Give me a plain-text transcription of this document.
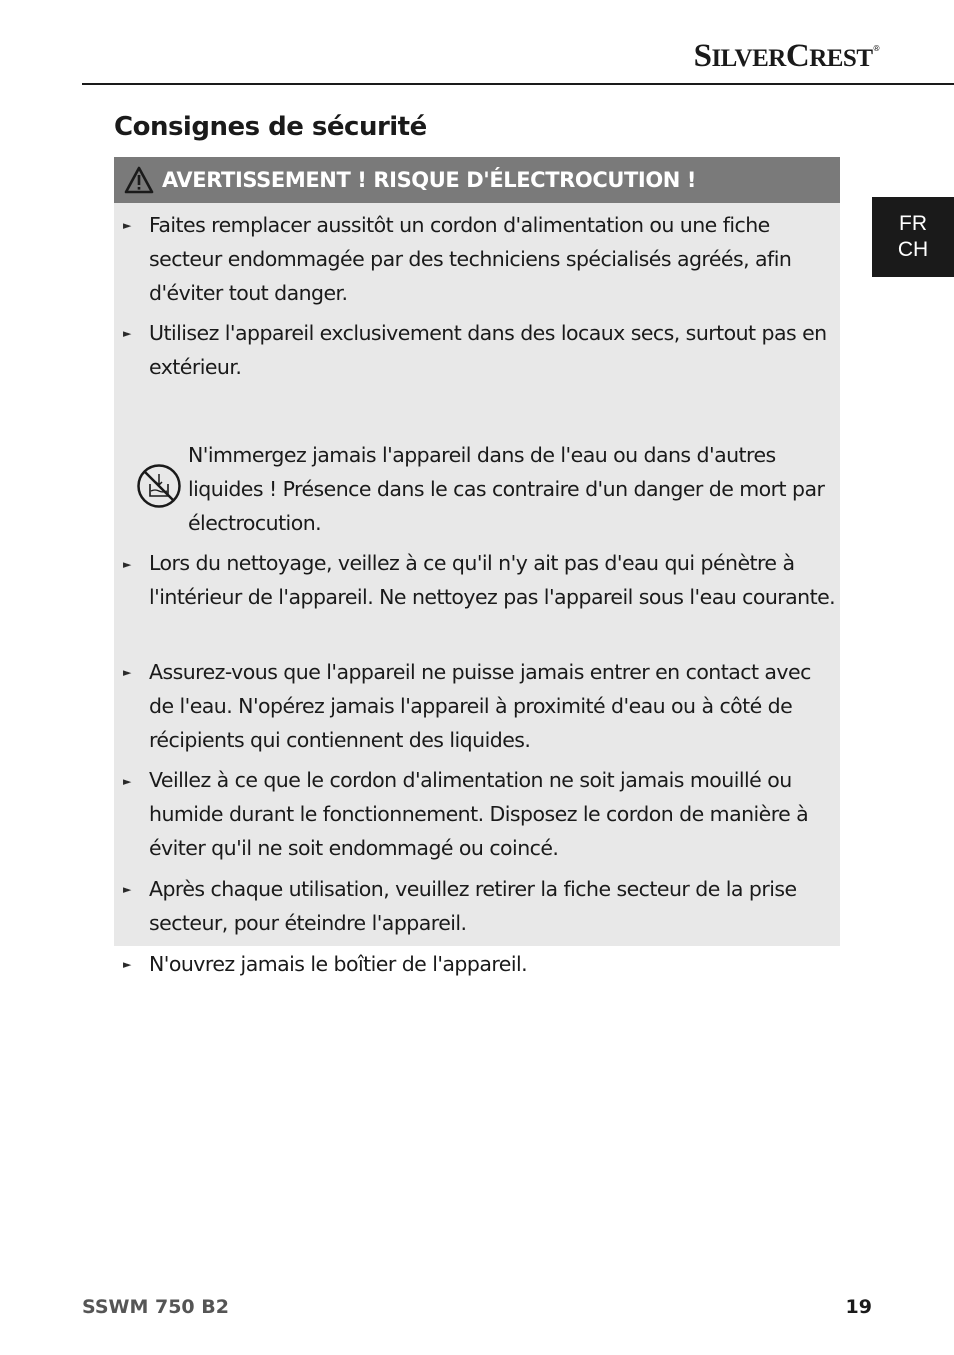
SILVERCREST®
FR
CH
Consignes de sécurité
AVERTISSEMENT ! RISQUE D'ÉLECTROCUTION !
► Faites remplacer aussitôt un cordon d'alimentation ou une fiche secteur endommagée par des techniciens spécialisés agréés, afin d'éviter tout danger.

► Utilisez l'appareil exclusivement dans des locaux secs, surtout pas en extérieur.

N'immergez jamais l'appareil dans de l'eau ou dans d'autres liquides ! Présence dans le cas contraire d'un danger de mort par électrocution.

► Lors du nettoyage, veillez à ce qu'il n'y ait pas d'eau qui pénètre à l'intérieur de l'appareil. Ne nettoyez pas l'appareil sous l'eau courante.

► Assurez-vous que l'appareil ne puisse jamais entrer en contact avec de l'eau. N'opérez jamais l'appareil à proximité d'eau ou à côté de récipients qui contiennent des liquides.

► Veillez à ce que le cordon d'alimentation ne soit jamais mouillé ou humide durant le fonctionnement. Disposez le cordon de manière à éviter qu'il ne soit endommagé ou coincé.

► Après chaque utilisation, veuillez retirer la fiche secteur de la prise secteur, pour éteindre l'appareil.

► N'ouvrez jamais le boîtier de l'appareil.

SSWM 750 B2	19
